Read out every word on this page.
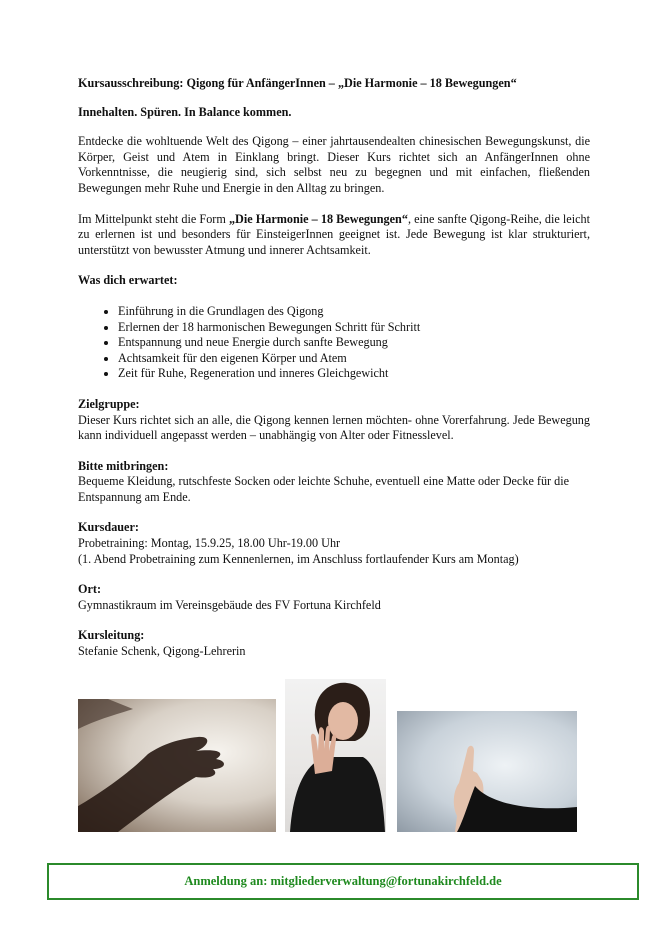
Kursausschreibung: Qigong für AnfängerInnen – „Die Harmonie – 18 Bewegungen“

Innehalten. Spüren. In Balance kommen.

Entdecke die wohltuende Welt des Qigong – einer jahrtausendealten chinesischen Bewegungskunst, die Körper, Geist und Atem in Einklang bringt. Dieser Kurs richtet sich an AnfängerInnen ohne Vorkenntnisse, die neugierig sind, sich selbst neu zu begegnen und mit einfachen, fließenden Bewegungen mehr Ruhe und Energie in den Alltag zu bringen.

Im Mittelpunkt steht die Form „Die Harmonie – 18 Bewegungen“, eine sanfte Qigong-Reihe, die leicht zu erlernen ist und besonders für EinsteigerInnen geeignet ist. Jede Bewegung ist klar strukturiert, unterstützt von bewusster Atmung und innerer Achtsamkeit.

Was dich erwartet:

• Einführung in die Grundlagen des Qigong
• Erlernen der 18 harmonischen Bewegungen Schritt für Schritt
• Entspannung und neue Energie durch sanfte Bewegung
• Achtsamkeit für den eigenen Körper und Atem
• Zeit für Ruhe, Regeneration und inneres Gleichgewicht

Zielgruppe:

Dieser Kurs richtet sich an alle, die Qigong kennen lernen möchten- ohne Vorerfahrung. Jede Bewegung kann individuell angepasst werden – unabhängig von Alter oder Fitnesslevel.

Bitte mitbringen:

Bequeme Kleidung, rutschfeste Socken oder leichte Schuhe, eventuell eine Matte oder Decke für die Entspannung am Ende.

Kursdauer:

Probetraining: Montag, 15.9.25, 18.00 Uhr-19.00 Uhr
(1. Abend Probetraining zum Kennenlernen, im Anschluss fortlaufender Kurs am Montag)

Ort:

Gymnastikraum im Vereinsgebäude des FV Fortuna Kirchfeld

Kursleitung:

Stefanie Schenk, Qigong-Lehrerin

Anmeldung an: mitgliederverwaltung@fortunakirchfeld.de
